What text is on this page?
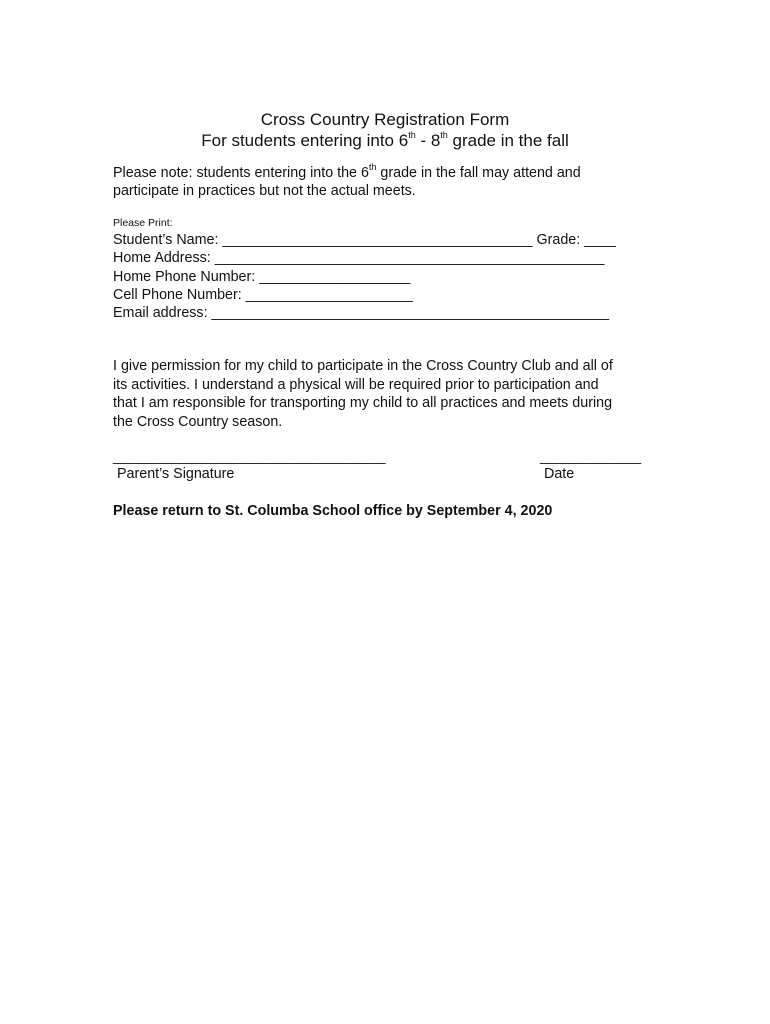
Cross Country Registration Form
For students entering into 6th - 8th grade in the fall

Please note: students entering into the 6th grade in the fall may attend and

participate in practices but not the actual meets.

Please Print:
Student’s Name: _______________________________________ Grade: ____
Home Address: _________________________________________________
Home Phone Number: ___________________
Cell Phone Number: _____________________
Email address: __________________________________________________

I give permission for my child to participate in the Cross Country Club and all of

its activities. I understand a physical will be required prior to participation and

that I am responsible for transporting my child to all practices and meets during

the Cross Country season.

___________________________________	_____________
Parent’s Signature	Date
Please return to St. Columba School office by September 4, 2020
